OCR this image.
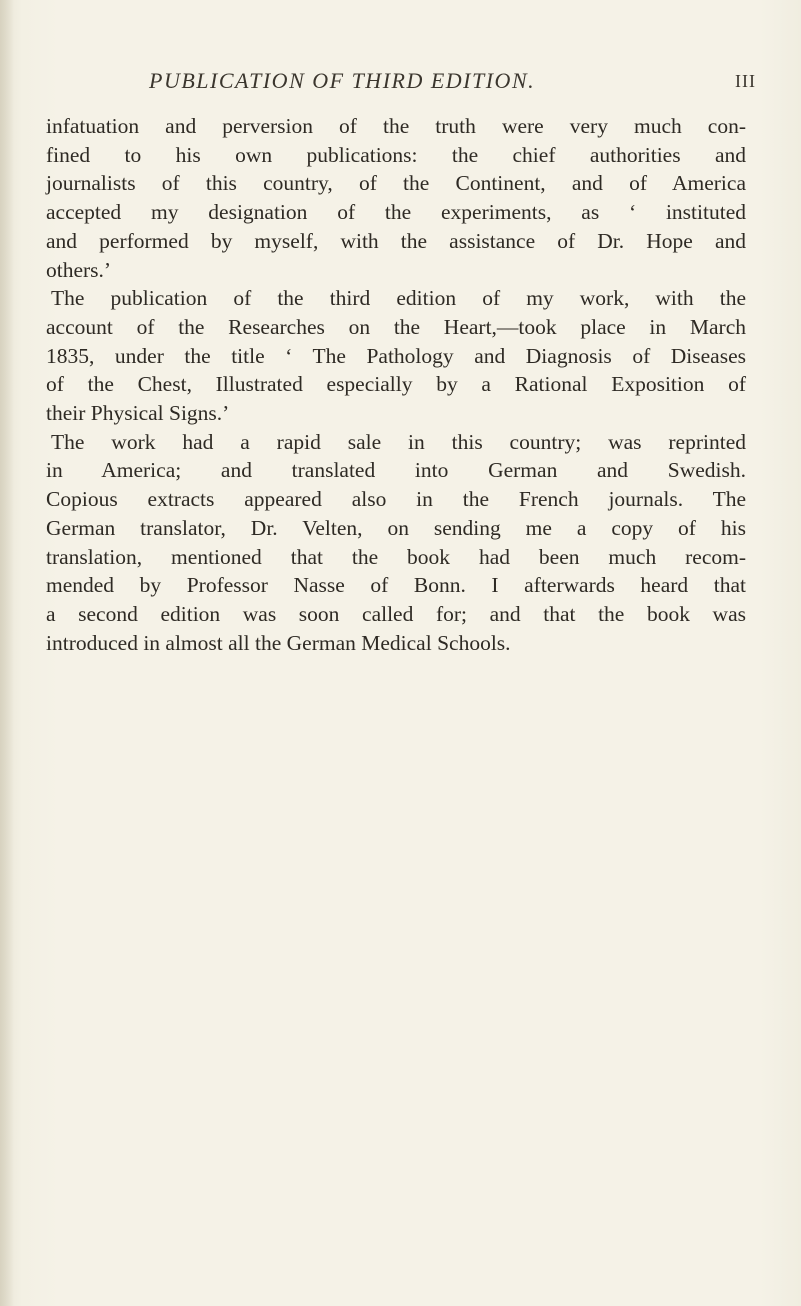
PUBLICATION OF THIRD EDITION.	III
infatuation and perversion of the truth were very much con-
fined to his own publications: the chief authorities and
journalists of this country, of the Continent, and of America
accepted my designation of the experiments, as ‘ instituted
and performed by myself, with the assistance of Dr. Hope and
others.’
The publication of the third edition of my work, with the
account of the Researches on the Heart,—took place in March
1835, under the title ‘ The Pathology and Diagnosis of Diseases
of the Chest, Illustrated especially by a Rational Exposition of
their Physical Signs.’
The work had a rapid sale in this country; was reprinted
in America; and translated into German and Swedish.
Copious extracts appeared also in the French journals. The
German translator, Dr. Velten, on sending me a copy of his
translation, mentioned that the book had been much recom-
mended by Professor Nasse of Bonn. I afterwards heard that
a second edition was soon called for; and that the book was
introduced in almost all the German Medical Schools.
